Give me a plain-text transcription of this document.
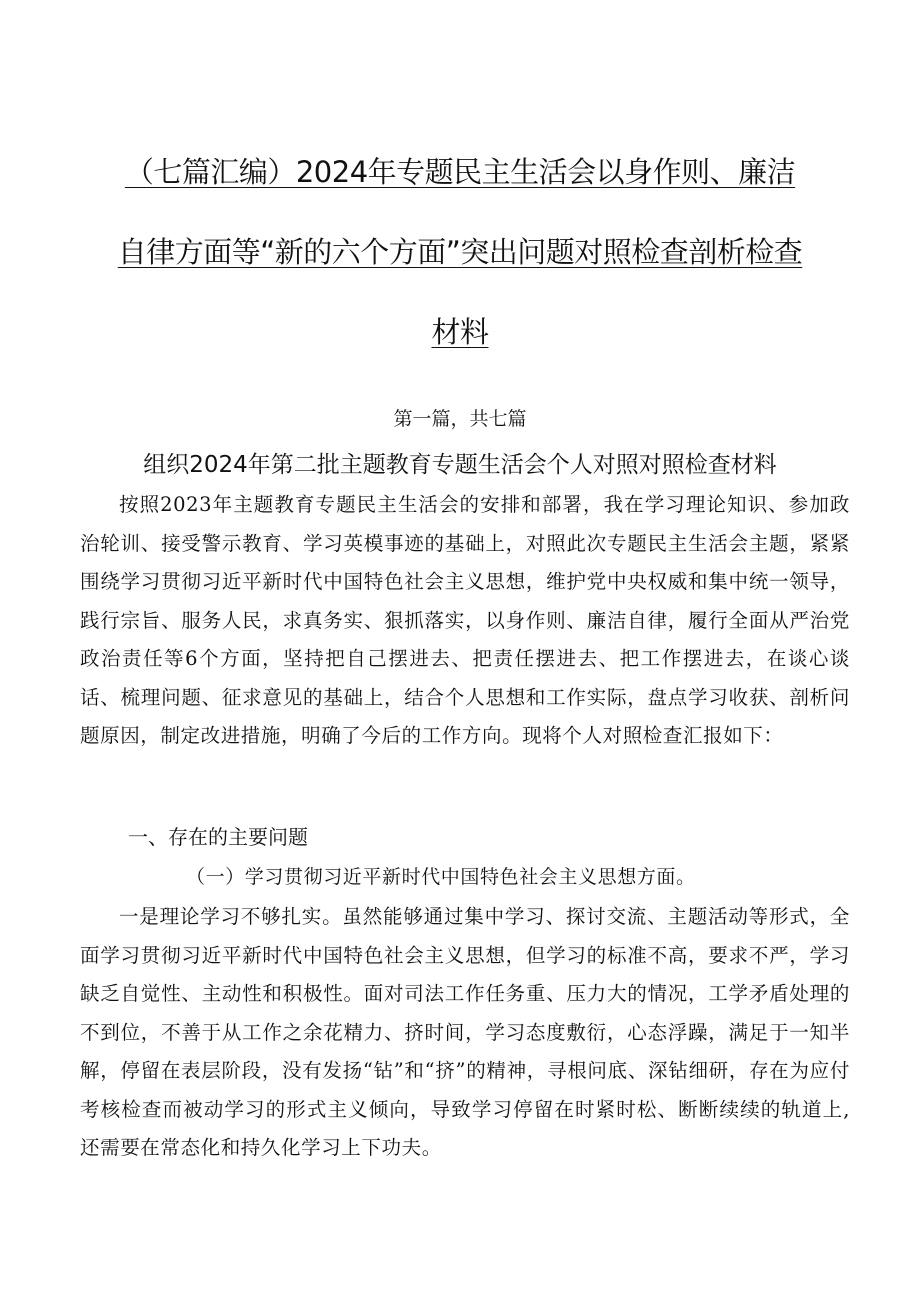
（七篇汇编）2024年专题民主生活会以身作则、廉洁
自律方面等“新的六个方面”突出问题对照检查剖析检查
材料
第一篇，共七篇
组织2024年第二批主题教育专题生活会个人对照对照检查材料

按照2023年主题教育专题民主生活会的安排和部署，我在学习理论知识、参加政治轮训、接受警示教育、学习英模事迹的基础上，对照此次专题民主生活会主题，紧紧围绕学习贯彻习近平新时代中国特色社会主义思想，维护党中央权威和集中统一领导，践行宗旨、服务人民，求真务实、狠抓落实，以身作则、廉洁自律，履行全面从严治党政治责任等6个方面，坚持把自己摆进去、把责任摆进去、把工作摆进去，在谈心谈话、梳理问题、征求意见的基础上，结合个人思想和工作实际，盘点学习收获、剖析问题原因，制定改进措施，明确了今后的工作方向。现将个人对照检查汇报如下：

一、存在的主要问题
（一）学习贯彻习近平新时代中国特色社会主义思想方面。

一是理论学习不够扎实。虽然能够通过集中学习、探讨交流、主题活动等形式，全面学习贯彻习近平新时代中国特色社会主义思想，但学习的标准不高，要求不严，学习缺乏自觉性、主动性和积极性。面对司法工作任务重、压力大的情况，工学矛盾处理的不到位，不善于从工作之余花精力、挤时间，学习态度敷衍，心态浮躁，满足于一知半解，停留在表层阶段，没有发扬“钻”和“挤”的精神，寻根问底、深钻细研，存在为应付考核检查而被动学习的形式主义倾向，导致学习停留在时紧时松、断断续续的轨道上,还需要在常态化和持久化学习上下功夫。
